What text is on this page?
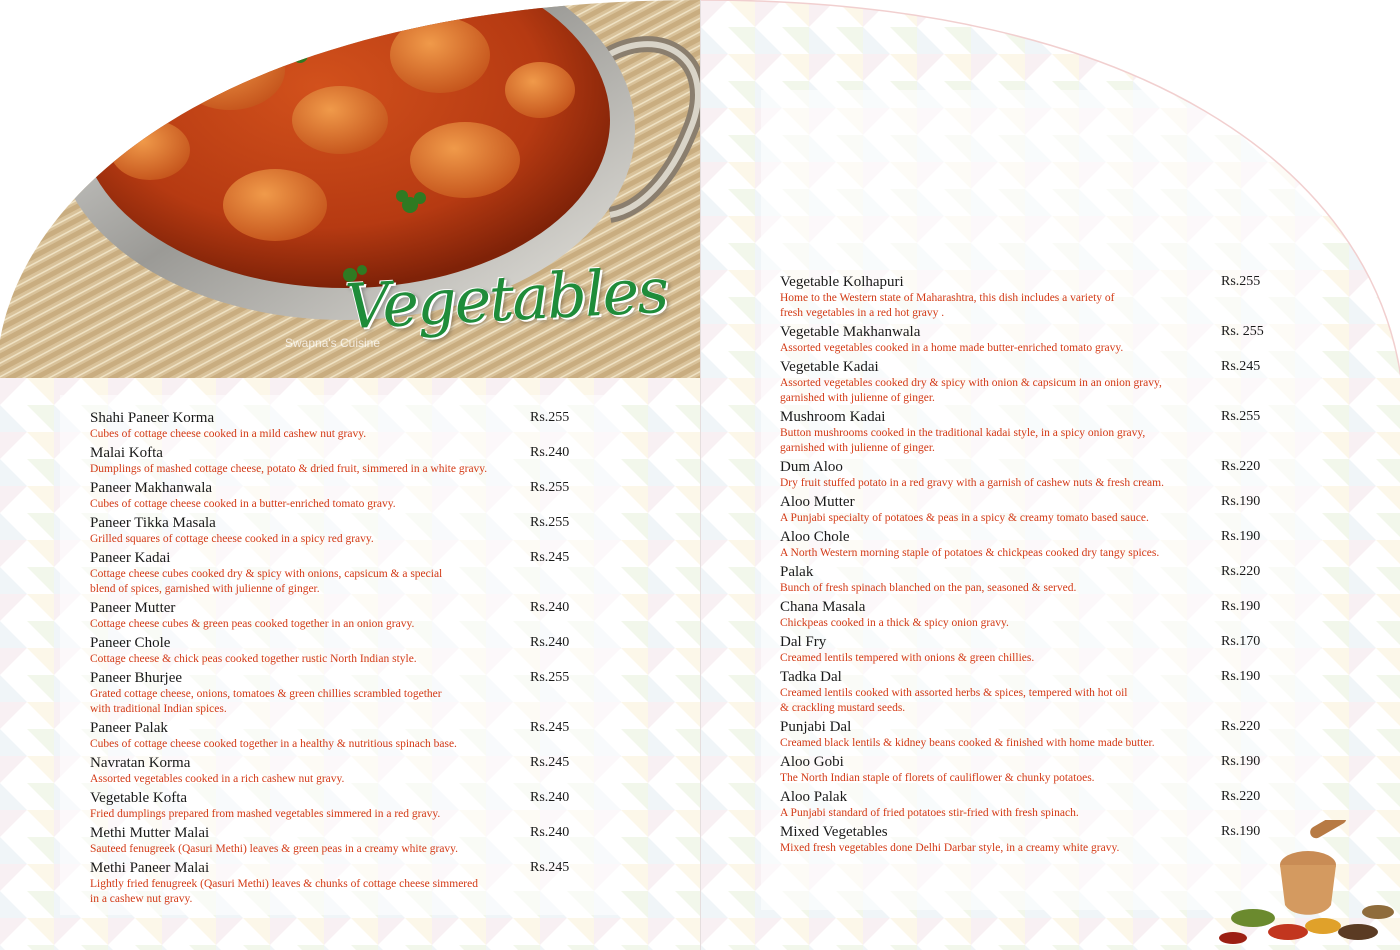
Vegetables
Swapna's Cuisine
Shahi Paneer Korma	Rs.255
Cubes of cottage cheese cooked in a mild cashew nut gravy.
Malai Kofta	Rs.240
Dumplings of mashed cottage cheese, potato & dried fruit, simmered in a white gravy.
Paneer Makhanwala	Rs.255
Cubes of cottage cheese cooked in a butter-enriched tomato gravy.
Paneer Tikka Masala	Rs.255
Grilled squares of cottage cheese cooked in a spicy red gravy.
Paneer Kadai	Rs.245
Cottage cheese cubes cooked dry & spicy with onions, capsicum & a special
blend of spices, garnished with julienne of ginger.
Paneer Mutter	Rs.240
Cottage cheese cubes & green peas cooked together in an onion gravy.
Paneer Chole	Rs.240
Cottage cheese & chick peas cooked together rustic North Indian style.
Paneer Bhurjee	Rs.255
Grated cottage cheese, onions, tomatoes & green chillies scrambled together
with traditional Indian spices.
Paneer Palak	Rs.245
Cubes of cottage cheese cooked together in a healthy & nutritious spinach base.
Navratan Korma	Rs.245
Assorted vegetables cooked in a rich cashew nut gravy.
Vegetable Kofta	Rs.240
Fried dumplings prepared from mashed vegetables simmered in a red gravy.
Methi Mutter Malai	Rs.240
Sauteed fenugreek (Qasuri Methi) leaves & green peas in a creamy white gravy.
Methi Paneer Malai	Rs.245
Lightly fried fenugreek (Qasuri Methi) leaves & chunks of cottage cheese simmered
in a cashew nut gravy.
Vegetable Kolhapuri	Rs.255
Home to the Western state of Maharashtra, this dish includes a variety of
fresh vegetables in a red hot gravy .
Vegetable Makhanwala	Rs. 255
Assorted vegetables cooked in a home made butter-enriched tomato gravy.
Vegetable Kadai	Rs.245
Assorted vegetables cooked dry & spicy with onion & capsicum in an onion gravy,
garnished with julienne of ginger.
Mushroom Kadai	Rs.255
Button mushrooms cooked in the traditional kadai style, in a spicy onion gravy,
garnished with julienne of ginger.
Dum Aloo	Rs.220
Dry fruit stuffed potato in a red gravy with a garnish of cashew nuts & fresh cream.
Aloo Mutter	Rs.190
A Punjabi specialty of potatoes & peas in a spicy & creamy tomato based sauce.
Aloo Chole	Rs.190
A North Western morning staple of potatoes & chickpeas cooked dry tangy spices.
Palak	Rs.220
Bunch of fresh spinach blanched on the pan, seasoned & served.
Chana Masala	Rs.190
Chickpeas cooked in a thick & spicy onion gravy.
Dal Fry	Rs.170
Creamed lentils tempered with onions & green chillies.
Tadka Dal	Rs.190
Creamed lentils cooked with assorted herbs & spices, tempered with hot oil
& crackling mustard seeds.
Punjabi Dal	Rs.220
Creamed black lentils & kidney beans cooked & finished with home made butter.
Aloo Gobi	Rs.190
The North Indian staple of florets of cauliflower & chunky potatoes.
Aloo Palak	Rs.220
A Punjabi standard of fried potatoes stir-fried with fresh spinach.
Mixed Vegetables	Rs.190
Mixed fresh vegetables done Delhi Darbar style, in a creamy white gravy.
